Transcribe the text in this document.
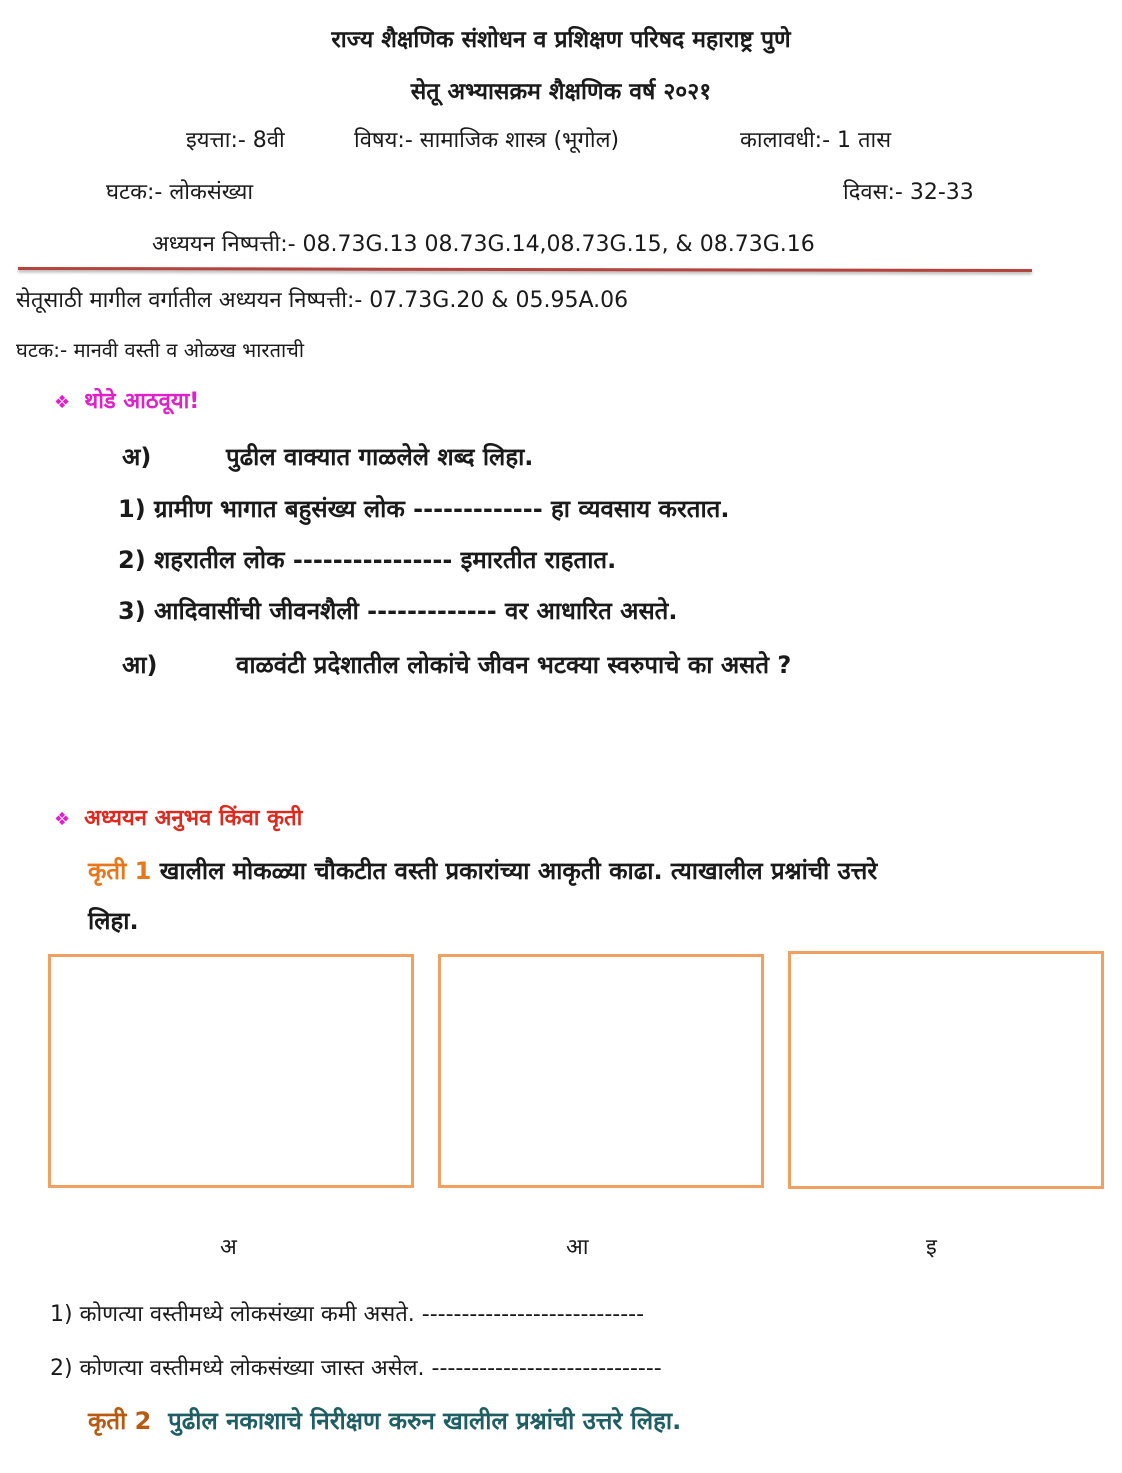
राज्य शैक्षणिक संशोधन व प्रशिक्षण परिषद महाराष्ट्र पुणे
सेतू अभ्यासक्रम शैक्षणिक वर्ष २०२१
इयत्ता:- 8वी	विषय:- सामाजिक शास्त्र (भूगोल)	कालावधी:- 1 तास
घटक:- लोकसंख्या	दिवस:- 32-33
अध्ययन निष्पत्ती:- 08.73G.13 08.73G.14,08.73G.15, & 08.73G.16
सेतूसाठी मागील वर्गातील अध्ययन निष्पत्ती:- 07.73G.20 & 05.95A.06
घटक:- मानवी वस्ती व ओळख भारताची
❖ थोडे आठवूया!
अ)	पुढील वाक्यात गाळलेले शब्द लिहा.
1) ग्रामीण भागात बहुसंख्य लोक ------------- हा व्यवसाय करतात.
2) शहरातील लोक ---------------- इमारतीत राहतात.
3) आदिवासींची जीवनशैली ------------- वर आधारित असते.
आ)	वाळवंटी प्रदेशातील लोकांचे जीवन भटक्या स्वरुपाचे का असते ?
❖ अध्ययन अनुभव किंवा कृती
कृती 1 खालील मोकळ्या चौकटीत वस्ती प्रकारांच्या आकृती काढा. त्याखालील प्रश्नांची उत्तरे
लिहा.
अ	आ	इ
1) कोणत्या वस्तीमध्ये लोकसंख्या कमी असते. ----------------------------
2) कोणत्या वस्तीमध्ये लोकसंख्या जास्त असेल. -----------------------------
कृती 2 पुढील नकाशाचे निरीक्षण करुन खालील प्रश्नांची उत्तरे लिहा.
